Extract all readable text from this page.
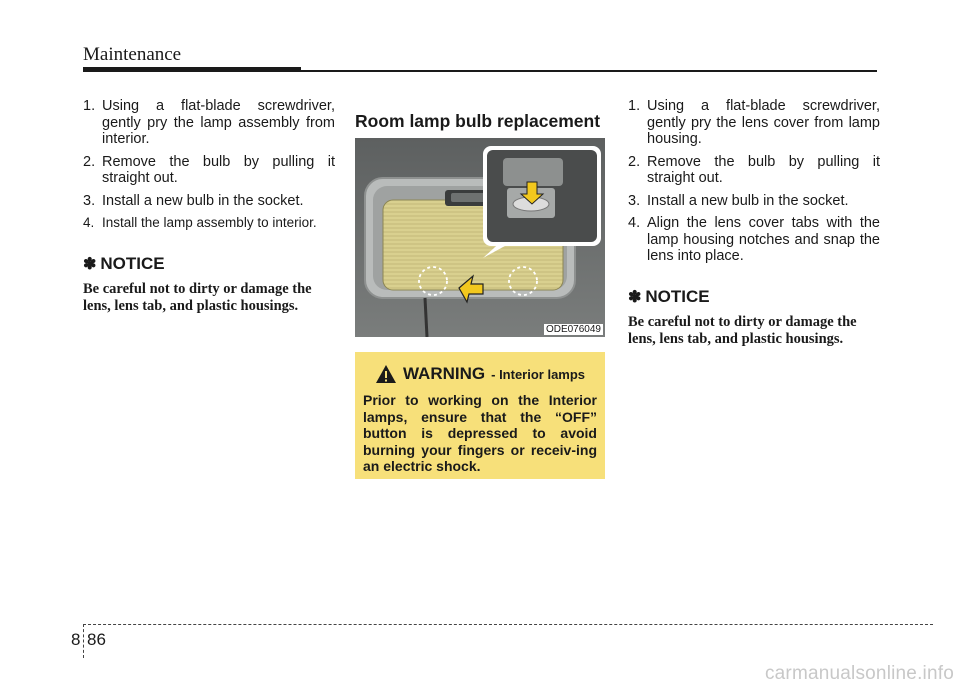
Maintenance
1. Using a flat-blade screwdriver, gently pry the lamp assembly from interior.
2. Remove the bulb by pulling it straight out.
3. Install a new bulb in the socket.
4. Install the lamp assembly to interior.
✽ NOTICE
Be careful not to dirty or damage the lens, lens tab, and plastic housings.
Room lamp bulb replacement
ODE076049
WARNING - Interior lamps
Prior to working on the Interior lamps, ensure that the “OFF” button is depressed to avoid burning your fingers or receiv-ing an electric shock.
1. Using a flat-blade screwdriver, gently pry the lens cover from lamp housing.
2. Remove the bulb by pulling it straight out.
3. Install a new bulb in the socket.
4. Align the lens cover tabs with the lamp housing notches and snap the lens into place.
✽ NOTICE
Be careful not to dirty or damage the lens, lens tab, and plastic housings.
8 86
carmanualsonline.info
